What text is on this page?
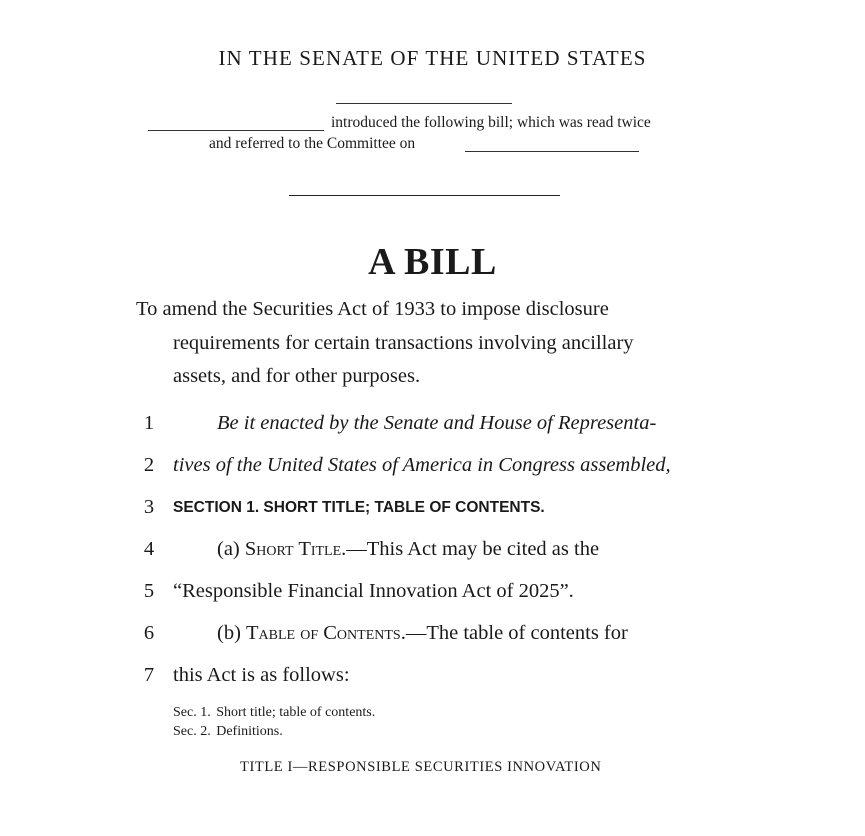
IN THE SENATE OF THE UNITED STATES
introduced the following bill; which was read twice
and referred to the Committee on
A BILL
To amend the Securities Act of 1933 to impose disclosure
requirements for certain transactions involving ancillary
assets, and for other purposes.
1	Be it enacted by the Senate and House of Representa-
2 tives of the United States of America in Congress assembled,
3	SECTION 1. SHORT TITLE; TABLE OF CONTENTS.
4	(a) Short Title.—This Act may be cited as the
5 “Responsible Financial Innovation Act of 2025”.
6	(b) Table of Contents.—The table of contents for
7 this Act is as follows:
Sec. 1. Short title; table of contents.
Sec. 2. Definitions.
TITLE I—RESPONSIBLE SECURITIES INNOVATION
